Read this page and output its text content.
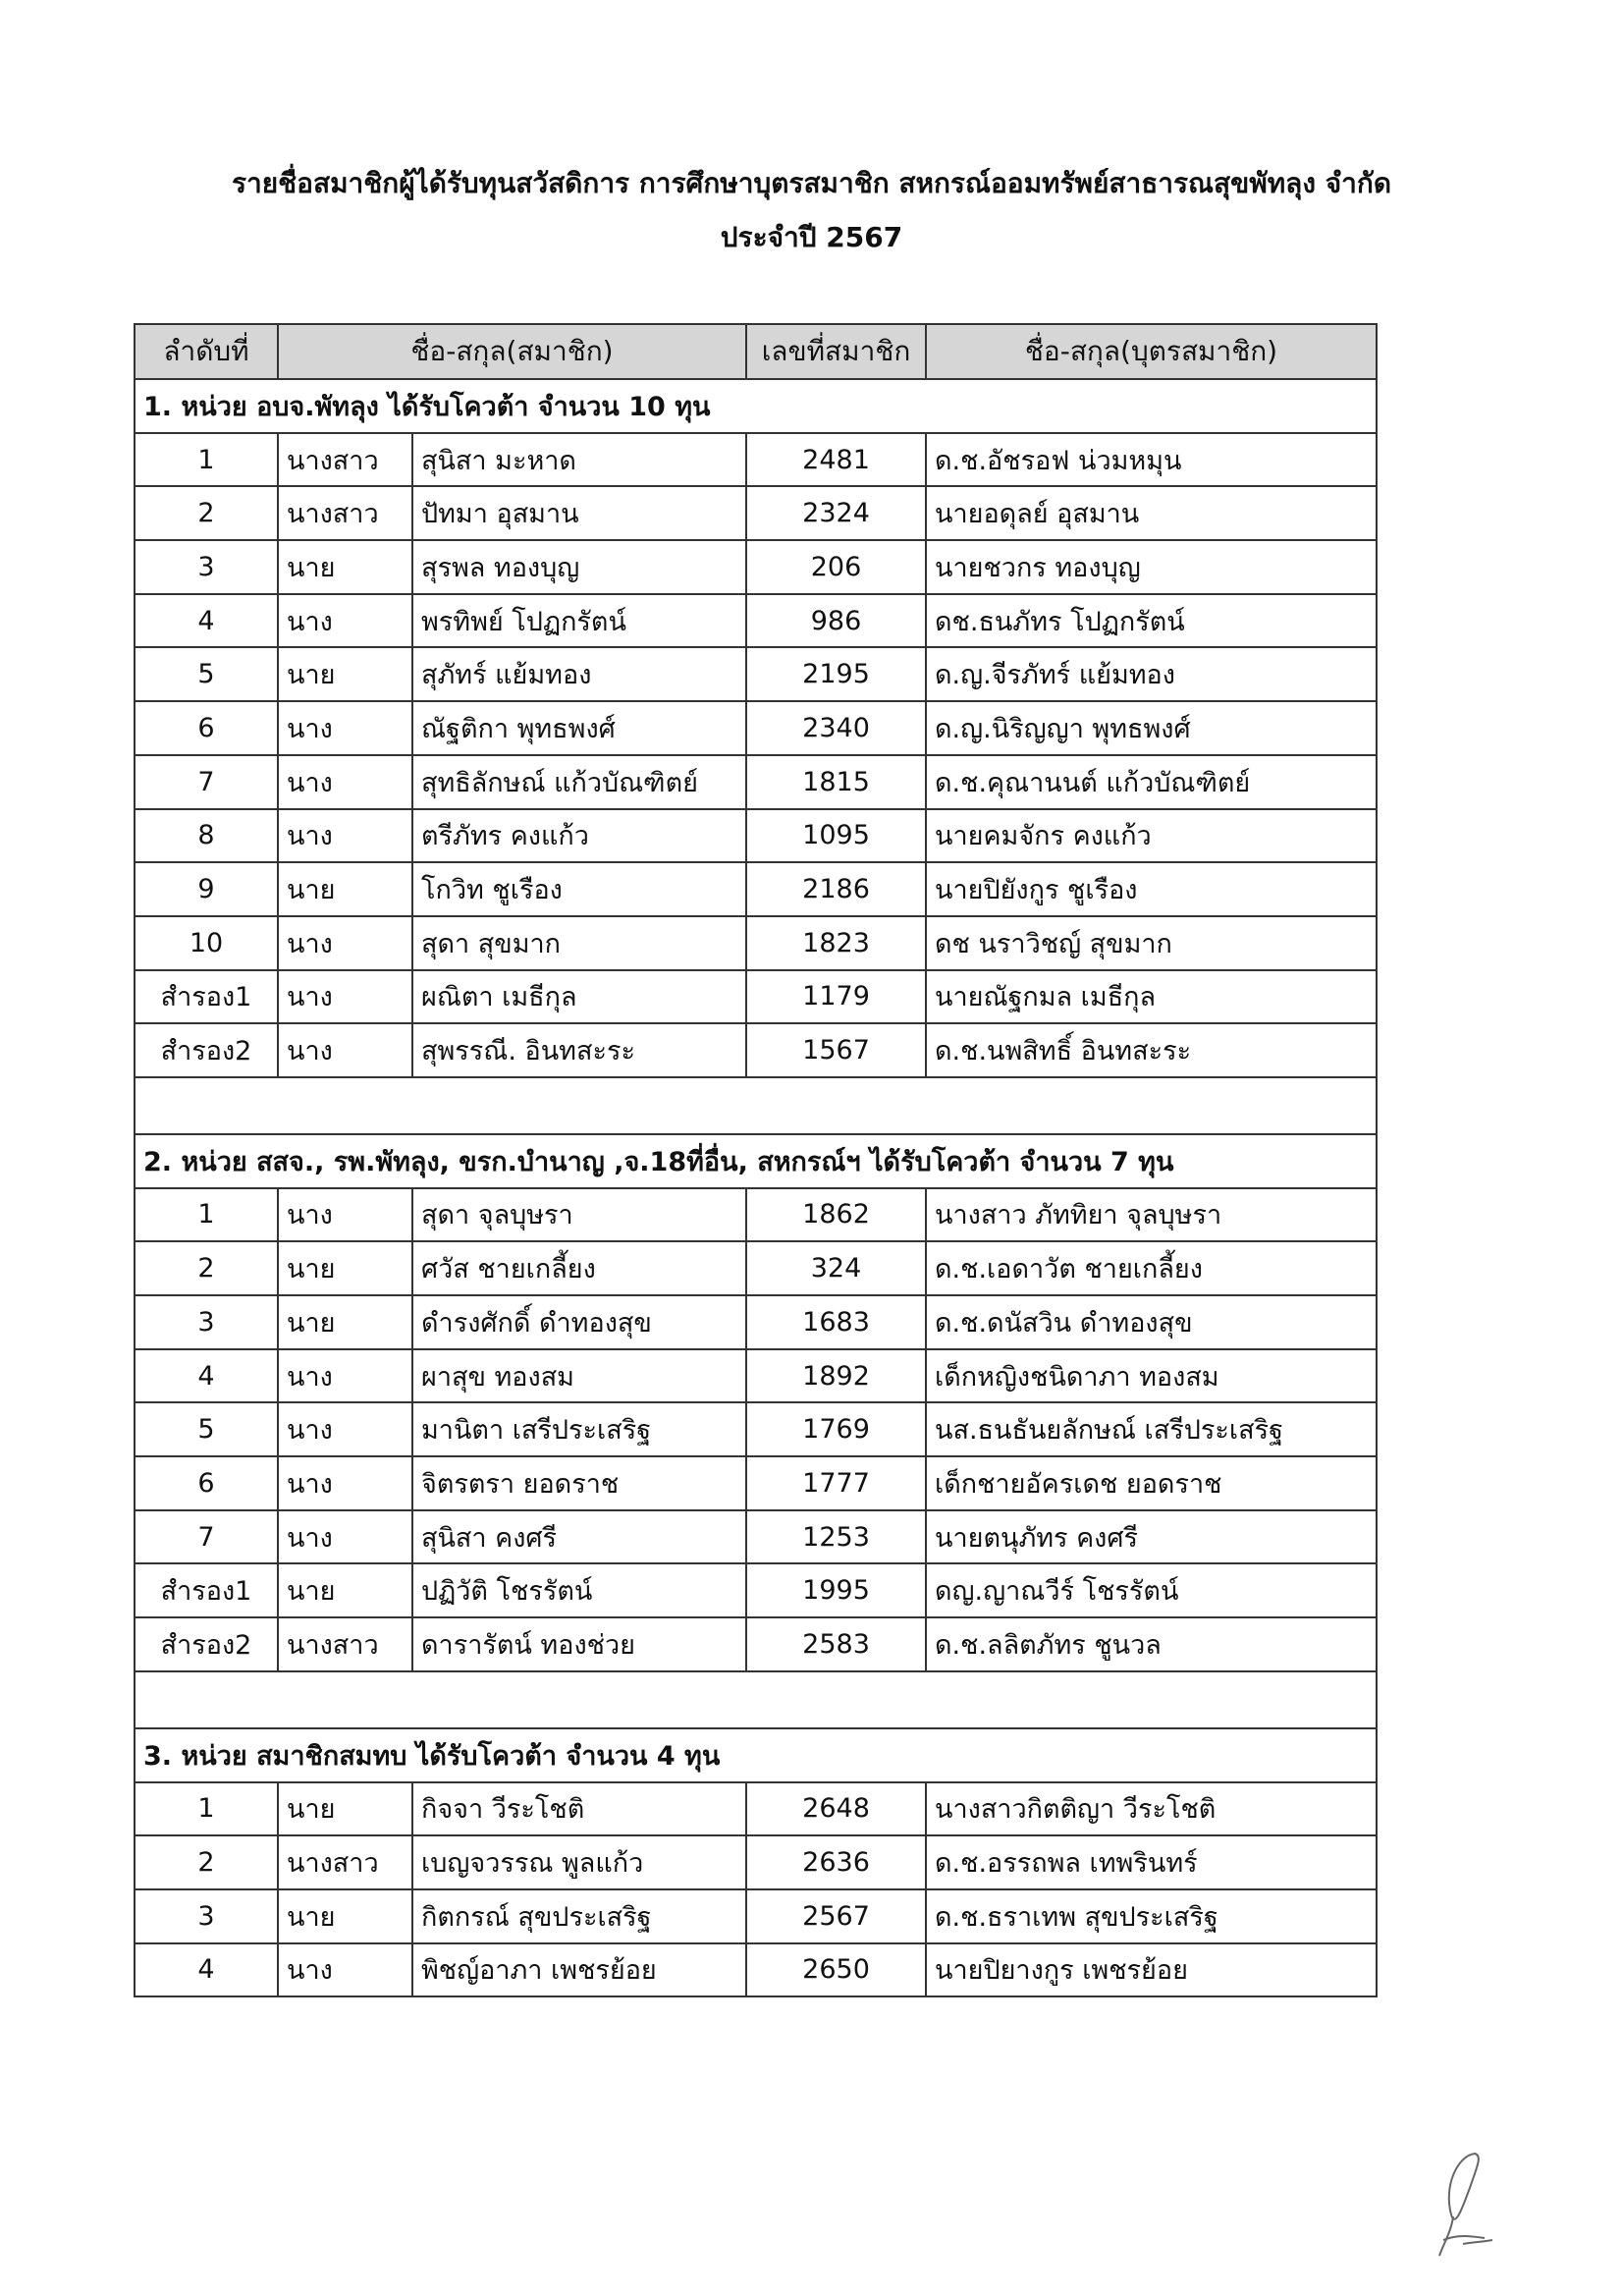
รายชื่อสมาชิกผู้ได้รับทุนสวัสดิการ การศึกษาบุตรสมาชิก สหกรณ์ออมทรัพย์สาธารณสุขพัทลุง จำกัด
ประจำปี 2567
ลำดับที่	ชื่อ-สกุล(สมาชิก)		เลขที่สมาชิก	ชื่อ-สกุล(บุตรสมาชิก)
1. หน่วย อบจ.พัทลุง ได้รับโควต้า จำนวน 10 ทุน				
1	นางสาว	สุนิสา มะหาด	2481	ด.ช.อัชรอฟ น่วมหมุน
2	นางสาว	ปัทมา อุสมาน	2324	นายอดุลย์ อุสมาน
3	นาย	สุรพล ทองบุญ	206	นายชวกร ทองบุญ
4	นาง	พรทิพย์ โปฏกรัตน์	986	ดช.ธนภัทร โปฏกรัตน์
5	นาย	สุภัทร์ แย้มทอง	2195	ด.ญ.จีรภัทร์ แย้มทอง
6	นาง	ณัฐติกา พุทธพงศ์	2340	ด.ญ.นิริญญา พุทธพงศ์
7	นาง	สุทธิลักษณ์ แก้วบัณฑิตย์	1815	ด.ช.คุณานนต์ แก้วบัณฑิตย์
8	นาง	ตรีภัทร คงแก้ว	1095	นายคมจักร คงแก้ว
9	นาย	โกวิท ชูเรือง	2186	นายปิยังกูร ชูเรือง
10	นาง	สุดา สุขมาก	1823	ดช นราวิชญ์ สุขมาก
สำรอง1	นาง	ผณิตา เมธีกุล	1179	นายณัฐกมล เมธีกุล
สำรอง2	นาง	สุพรรณี. อินทสะระ	1567	ด.ช.นพสิทธิ์ อินทสะระ

2. หน่วย สสจ., รพ.พัทลุง, ขรก.บำนาญ ,จ.18ที่อื่น, สหกรณ์ฯ ได้รับโควต้า จำนวน 7 ทุน				
1	นาง	สุดา จุลบุษรา	1862	นางสาว ภัททิยา จุลบุษรา
2	นาย	ศวัส ชายเกลี้ยง	324	ด.ช.เอดาวัต ชายเกลี้ยง
3	นาย	ดำรงศักดิ์ ดำทองสุข	1683	ด.ช.ดนัสวิน ดำทองสุข
4	นาง	ผาสุข ทองสม	1892	เด็กหญิงชนิดาภา ทองสม
5	นาง	มานิตา เสรีประเสริฐ	1769	นส.ธนธันยลักษณ์ เสรีประเสริฐ
6	นาง	จิตรตรา ยอดราช	1777	เด็กชายอัครเดช ยอดราช
7	นาง	สุนิสา คงศรี	1253	นายตนุภัทร คงศรี
สำรอง1	นาย	ปฏิวัติ โชรรัตน์	1995	ดญ.ญาณวีร์ โชรรัตน์
สำรอง2	นางสาว	ดารารัตน์ ทองช่วย	2583	ด.ช.ลลิตภัทร ชูนวล

3. หน่วย สมาชิกสมทบ ได้รับโควต้า จำนวน 4 ทุน				
1	นาย	กิจจา วีระโชติ	2648	นางสาวกิตติญา วีระโชติ
2	นางสาว	เบญจวรรณ พูลแก้ว	2636	ด.ช.อรรถพล เทพรินทร์
3	นาย	กิตกรณ์ สุขประเสริฐ	2567	ด.ช.ธราเทพ สุขประเสริฐ
4	นาง	พิชญ์อาภา เพชรย้อย	2650	นายปิยางกูร เพชรย้อย
